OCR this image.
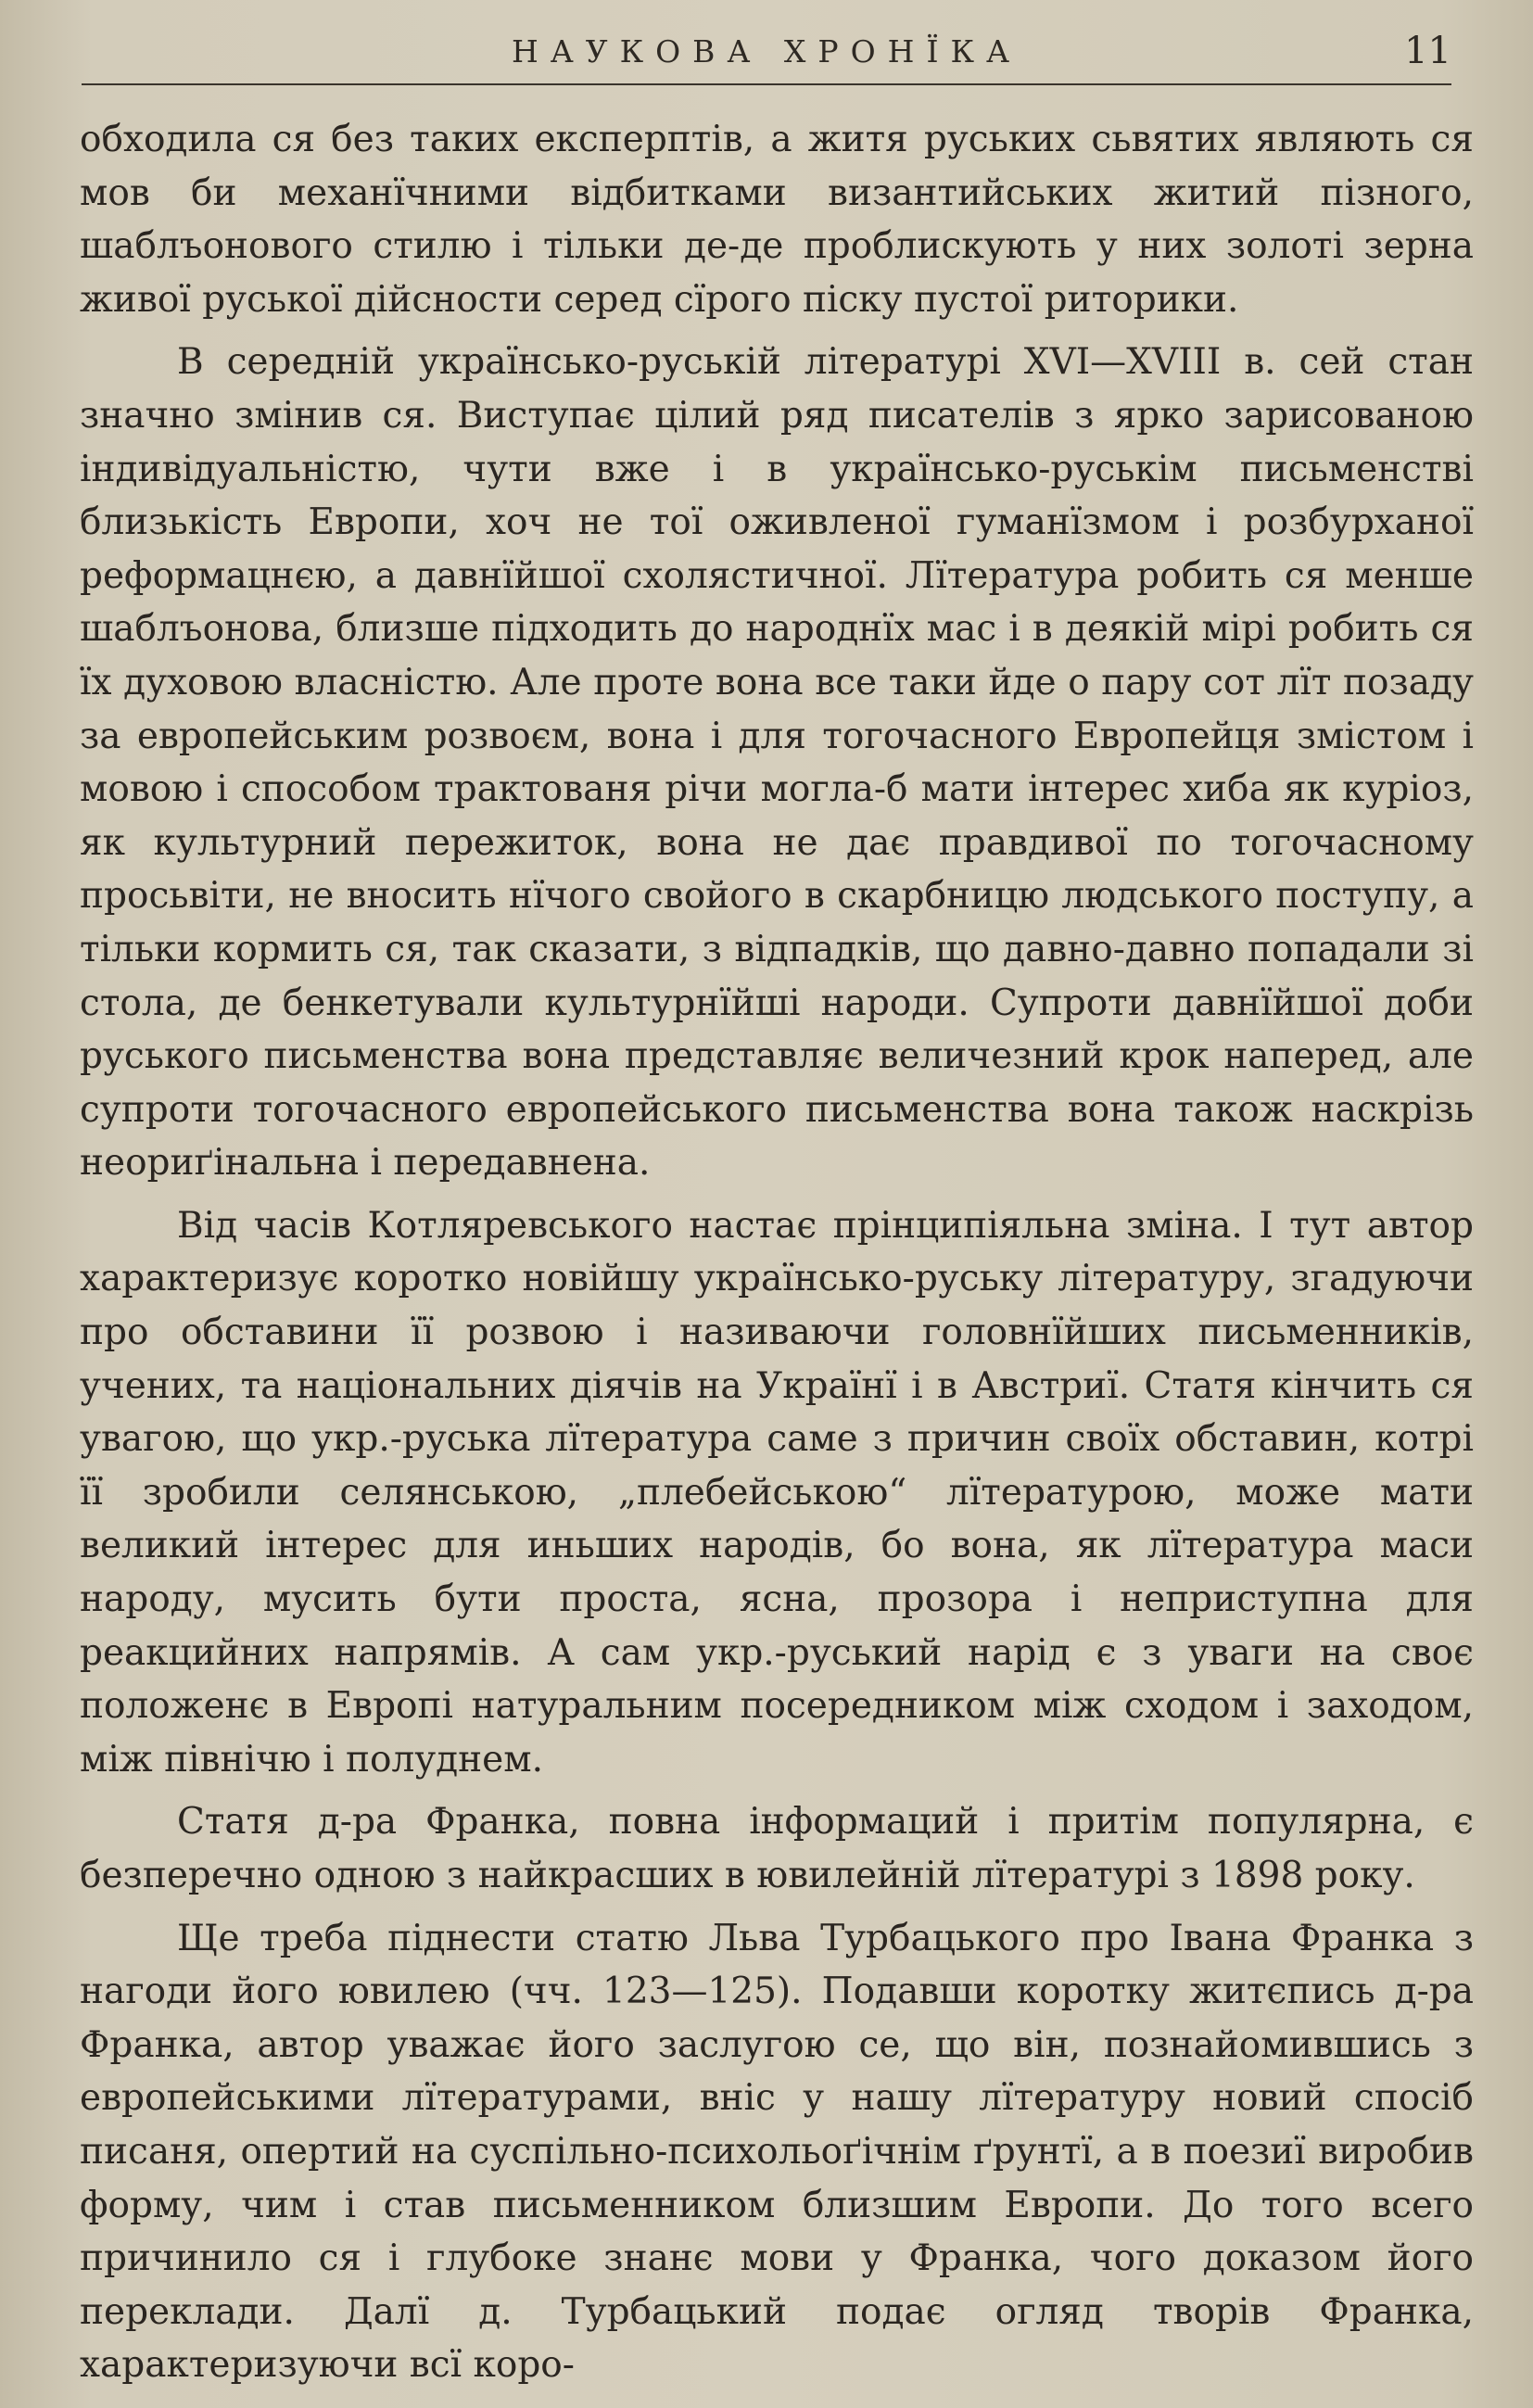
НАУКОВА ХРОНЇКА	11

обходила ся без таких експерптів, а житя руських сьвятих являють ся мов би механїчними відбитками византийських житий пізного, шаблъонового стилю і тільки де-де проблискують у них золоті зерна живої руської дійсности серед сїрого піску пустої риторики.

В середній українсько-руській літературі XVI—XVIII в. сей стан значно змінив ся. Виступає цілий ряд писателів з ярко зарисованою індивідуальністю, чути вже і в українсько-руськім письменстві близькість Европи, хоч не тої оживленої гуманїзмом і розбурханої реформацнєю, а давнїйшої схолястичної. Лїтература робить ся менше шаблъонова, близше підходить до народнїх мас і в деякій мірі робить ся їх духовою власністю. Але проте вона все таки йде о пару сот лїт позаду за европейським розвоєм, вона і для тогочасного Европейця змістом і мовою і способом трактованя річи могла-б мати інтерес хиба як куріоз, як культурний пережиток, вона не дає правдивої по тогочасному просьвіти, не вносить нїчого свойого в скарбницю людського поступу, а тільки кормить ся, так сказати, з відпадків, що давно-давно попадали зі стола, де бенкетували культурнїйші народи. Супроти давнїйшої доби руського письменства вона представляє величезний крок наперед, але супроти тогочасного европейського письменства вона також наскрізь неориґінальна і передавнена.

Від часів Котляревського настає прінципіяльна зміна. І тут автор характеризує коротко новійшу українсько-руську літературу, згадуючи про обставини її розвою і називаючи головнїйших письменників, учених, та національних діячів на Українї і в Австриї. Статя кінчить ся увагою, що укр.-руська лїтература саме з причин своїх обставин, котрі її зробили селянською, „плебейською“ лїтературою, може мати великий інтерес для иньших народів, бо вона, як лїтература маси народу, мусить бути проста, ясна, прозора і неприступна для реакцийних напрямів. А сам укр.-руський нарід є з уваги на своє положенє в Европі натуральним посередником між сходом і заходом, між північю і полуднем.

Статя д-ра Франка, повна інформаций і притім популярна, є безперечно одною з найкрасших в ювилейній лїтературі з 1898 року.

Ще треба піднести статю Льва Турбацького про Івана Франка з нагоди його ювилею (чч. 123—125). Подавши коротку житєпись д-ра Франка, автор уважає його заслугою се, що він, познайомившись з европейськими лїтературами, вніс у нашу лїтературу новий спосіб писаня, опертий на суспільно-псиxольоґічнім ґрунтї, а в поезиї виробив форму, чим і став письменником близшим Европи. До того всего причинило ся і глубоке знанє мови у Франка, чого доказом його переклади. Далї д. Турбацький подає огляд творів Франка, характеризуючи всї коро-
